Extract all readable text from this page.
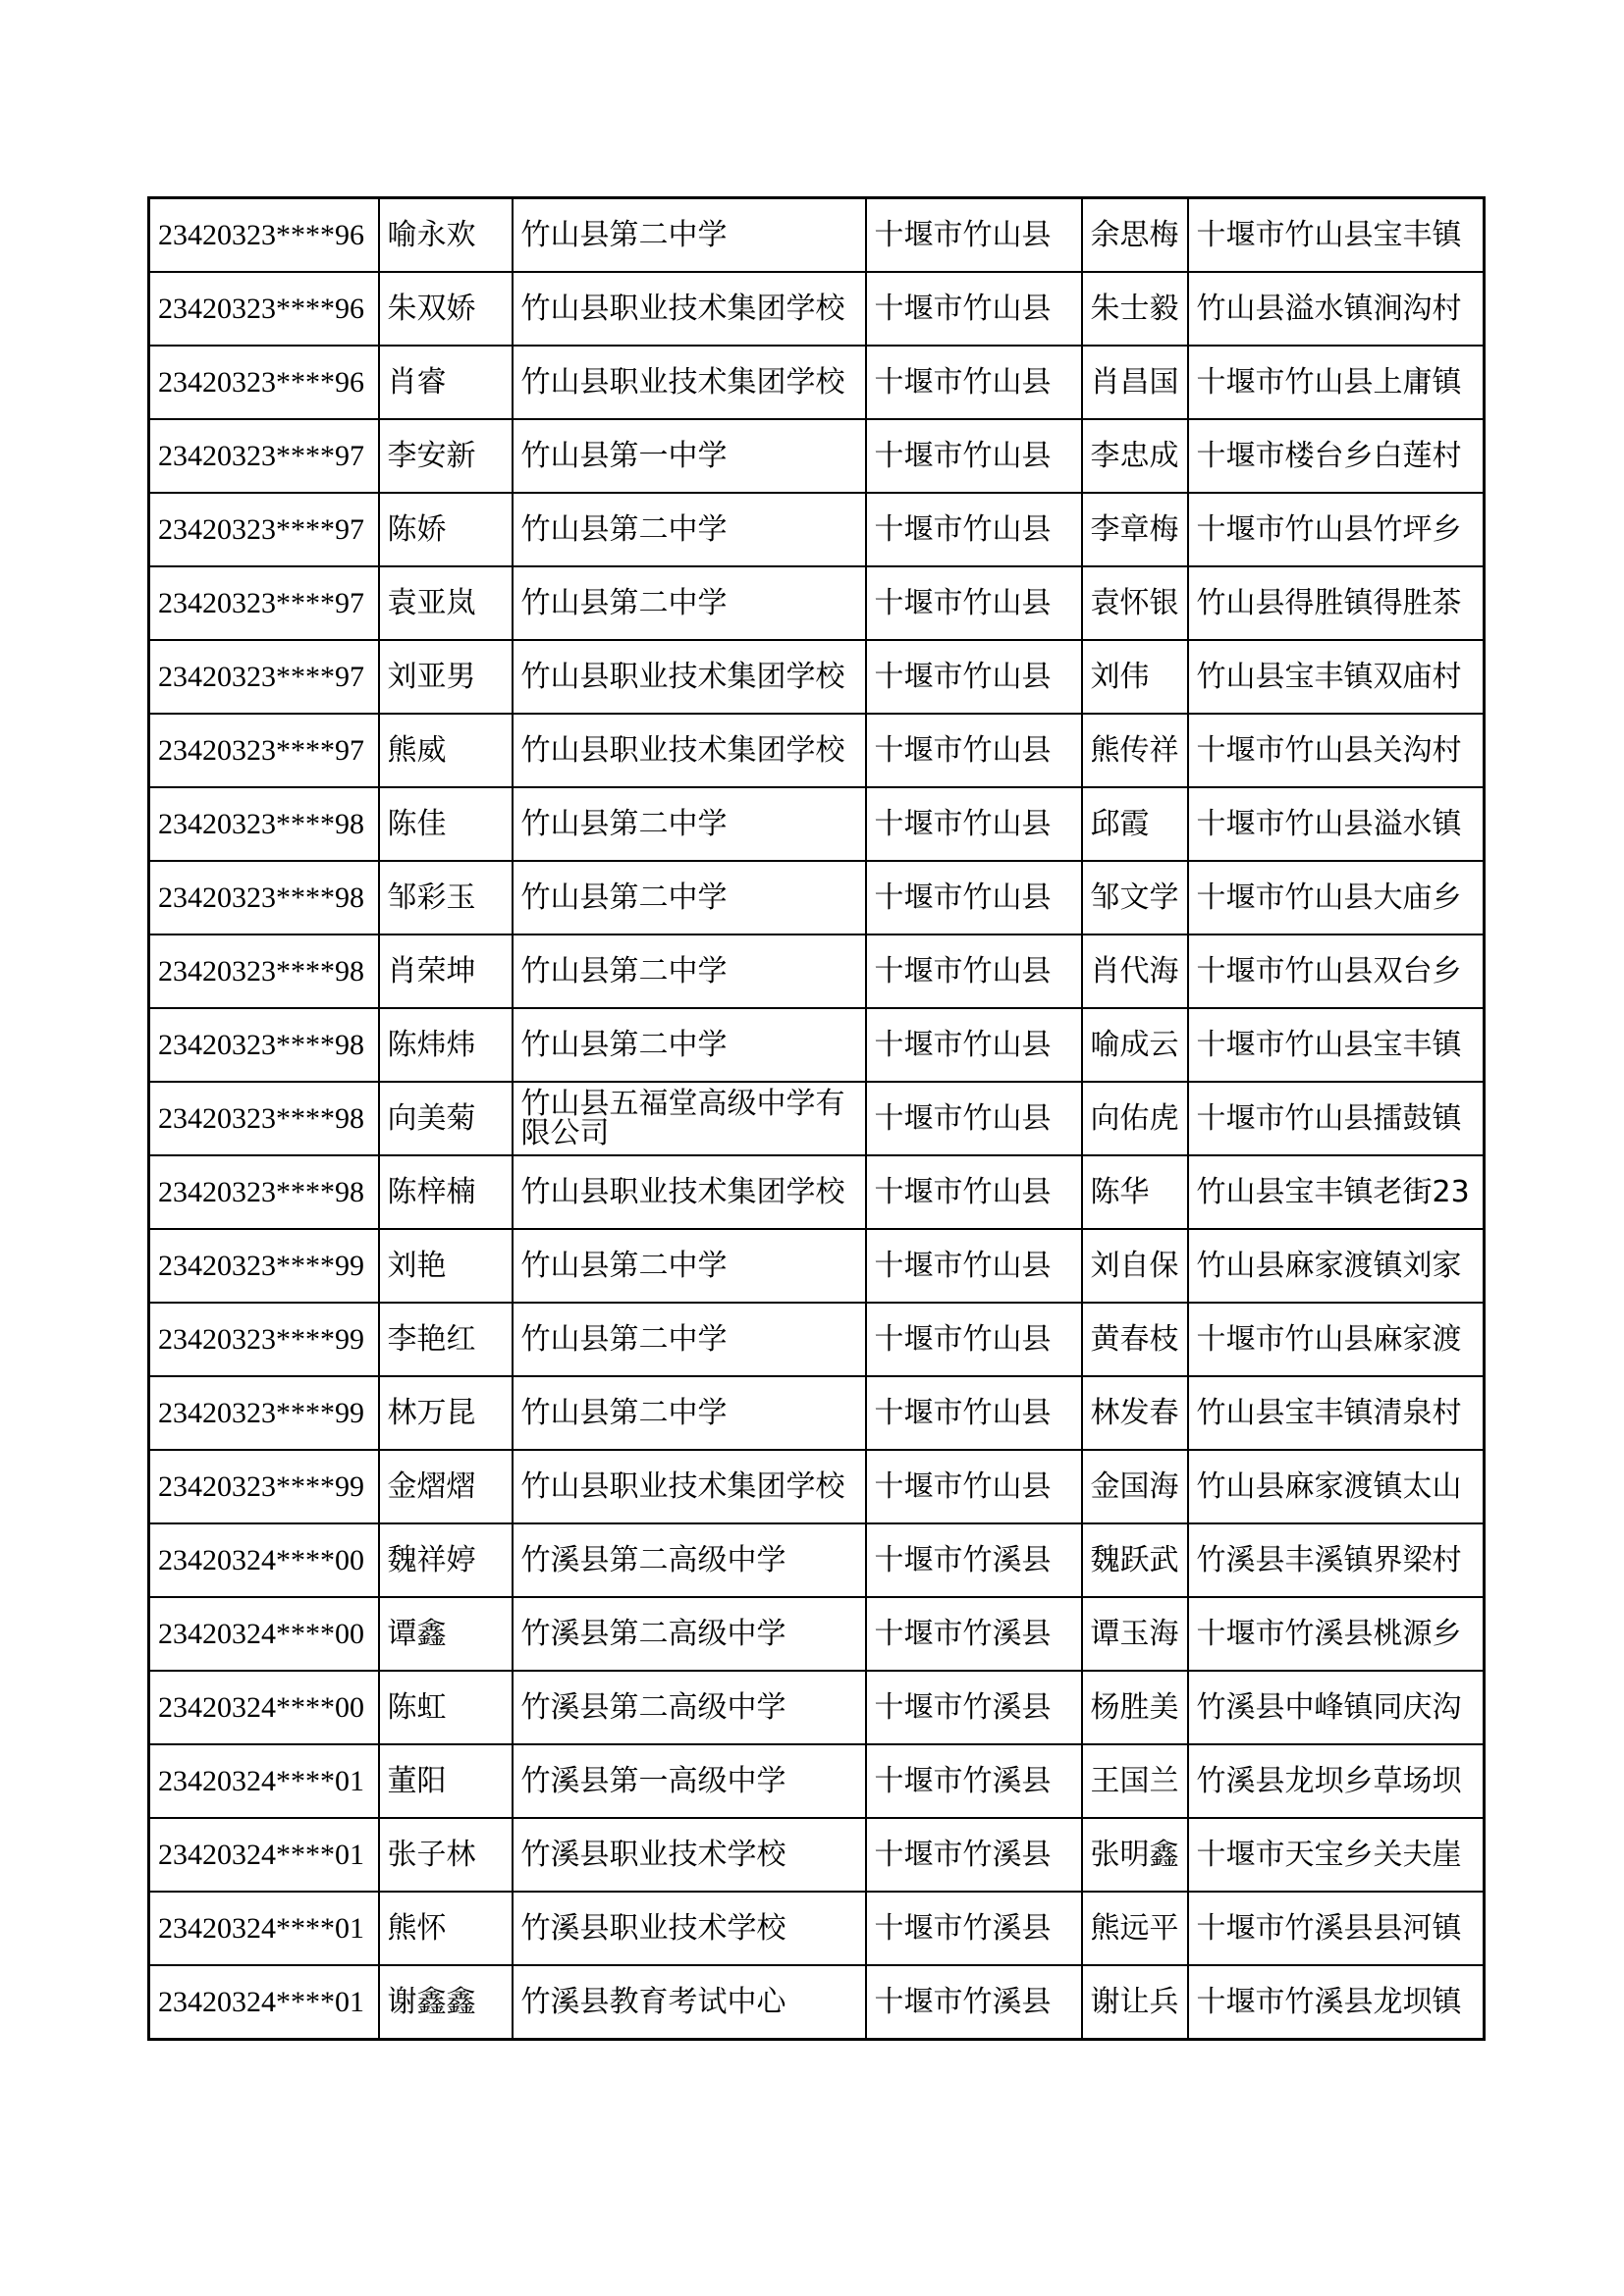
23420323****96	喻永欢	竹山县第二中学	十堰市竹山县	余思梅	十堰市竹山县宝丰镇
23420323****96	朱双娇	竹山县职业技术集团学校	十堰市竹山县	朱士毅	竹山县溢水镇涧沟村
23420323****96	肖睿	竹山县职业技术集团学校	十堰市竹山县	肖昌国	十堰市竹山县上庸镇
23420323****97	李安新	竹山县第一中学	十堰市竹山县	李忠成	十堰市楼台乡白莲村
23420323****97	陈娇	竹山县第二中学	十堰市竹山县	李章梅	十堰市竹山县竹坪乡
23420323****97	袁亚岚	竹山县第二中学	十堰市竹山县	袁怀银	竹山县得胜镇得胜茶
23420323****97	刘亚男	竹山县职业技术集团学校	十堰市竹山县	刘伟	竹山县宝丰镇双庙村
23420323****97	熊威	竹山县职业技术集团学校	十堰市竹山县	熊传祥	十堰市竹山县关沟村
23420323****98	陈佳	竹山县第二中学	十堰市竹山县	邱霞	十堰市竹山县溢水镇
23420323****98	邹彩玉	竹山县第二中学	十堰市竹山县	邹文学	十堰市竹山县大庙乡
23420323****98	肖荣坤	竹山县第二中学	十堰市竹山县	肖代海	十堰市竹山县双台乡
23420323****98	陈炜炜	竹山县第二中学	十堰市竹山县	喻成云	十堰市竹山县宝丰镇
23420323****98	向美菊	竹山县五福堂高级中学有限公司	十堰市竹山县	向佑虎	十堰市竹山县擂鼓镇
23420323****98	陈梓楠	竹山县职业技术集团学校	十堰市竹山县	陈华	竹山县宝丰镇老街23
23420323****99	刘艳	竹山县第二中学	十堰市竹山县	刘自保	竹山县麻家渡镇刘家
23420323****99	李艳红	竹山县第二中学	十堰市竹山县	黄春枝	十堰市竹山县麻家渡
23420323****99	林万昆	竹山县第二中学	十堰市竹山县	林发春	竹山县宝丰镇清泉村
23420323****99	金熠熠	竹山县职业技术集团学校	十堰市竹山县	金国海	竹山县麻家渡镇太山
23420324****00	魏祥婷	竹溪县第二高级中学	十堰市竹溪县	魏跃武	竹溪县丰溪镇界梁村
23420324****00	谭鑫	竹溪县第二高级中学	十堰市竹溪县	谭玉海	十堰市竹溪县桃源乡
23420324****00	陈虹	竹溪县第二高级中学	十堰市竹溪县	杨胜美	竹溪县中峰镇同庆沟
23420324****01	董阳	竹溪县第一高级中学	十堰市竹溪县	王国兰	竹溪县龙坝乡草场坝
23420324****01	张子林	竹溪县职业技术学校	十堰市竹溪县	张明鑫	十堰市天宝乡关夫崖
23420324****01	熊怀	竹溪县职业技术学校	十堰市竹溪县	熊远平	十堰市竹溪县县河镇
23420324****01	谢鑫鑫	竹溪县教育考试中心	十堰市竹溪县	谢让兵	十堰市竹溪县龙坝镇
